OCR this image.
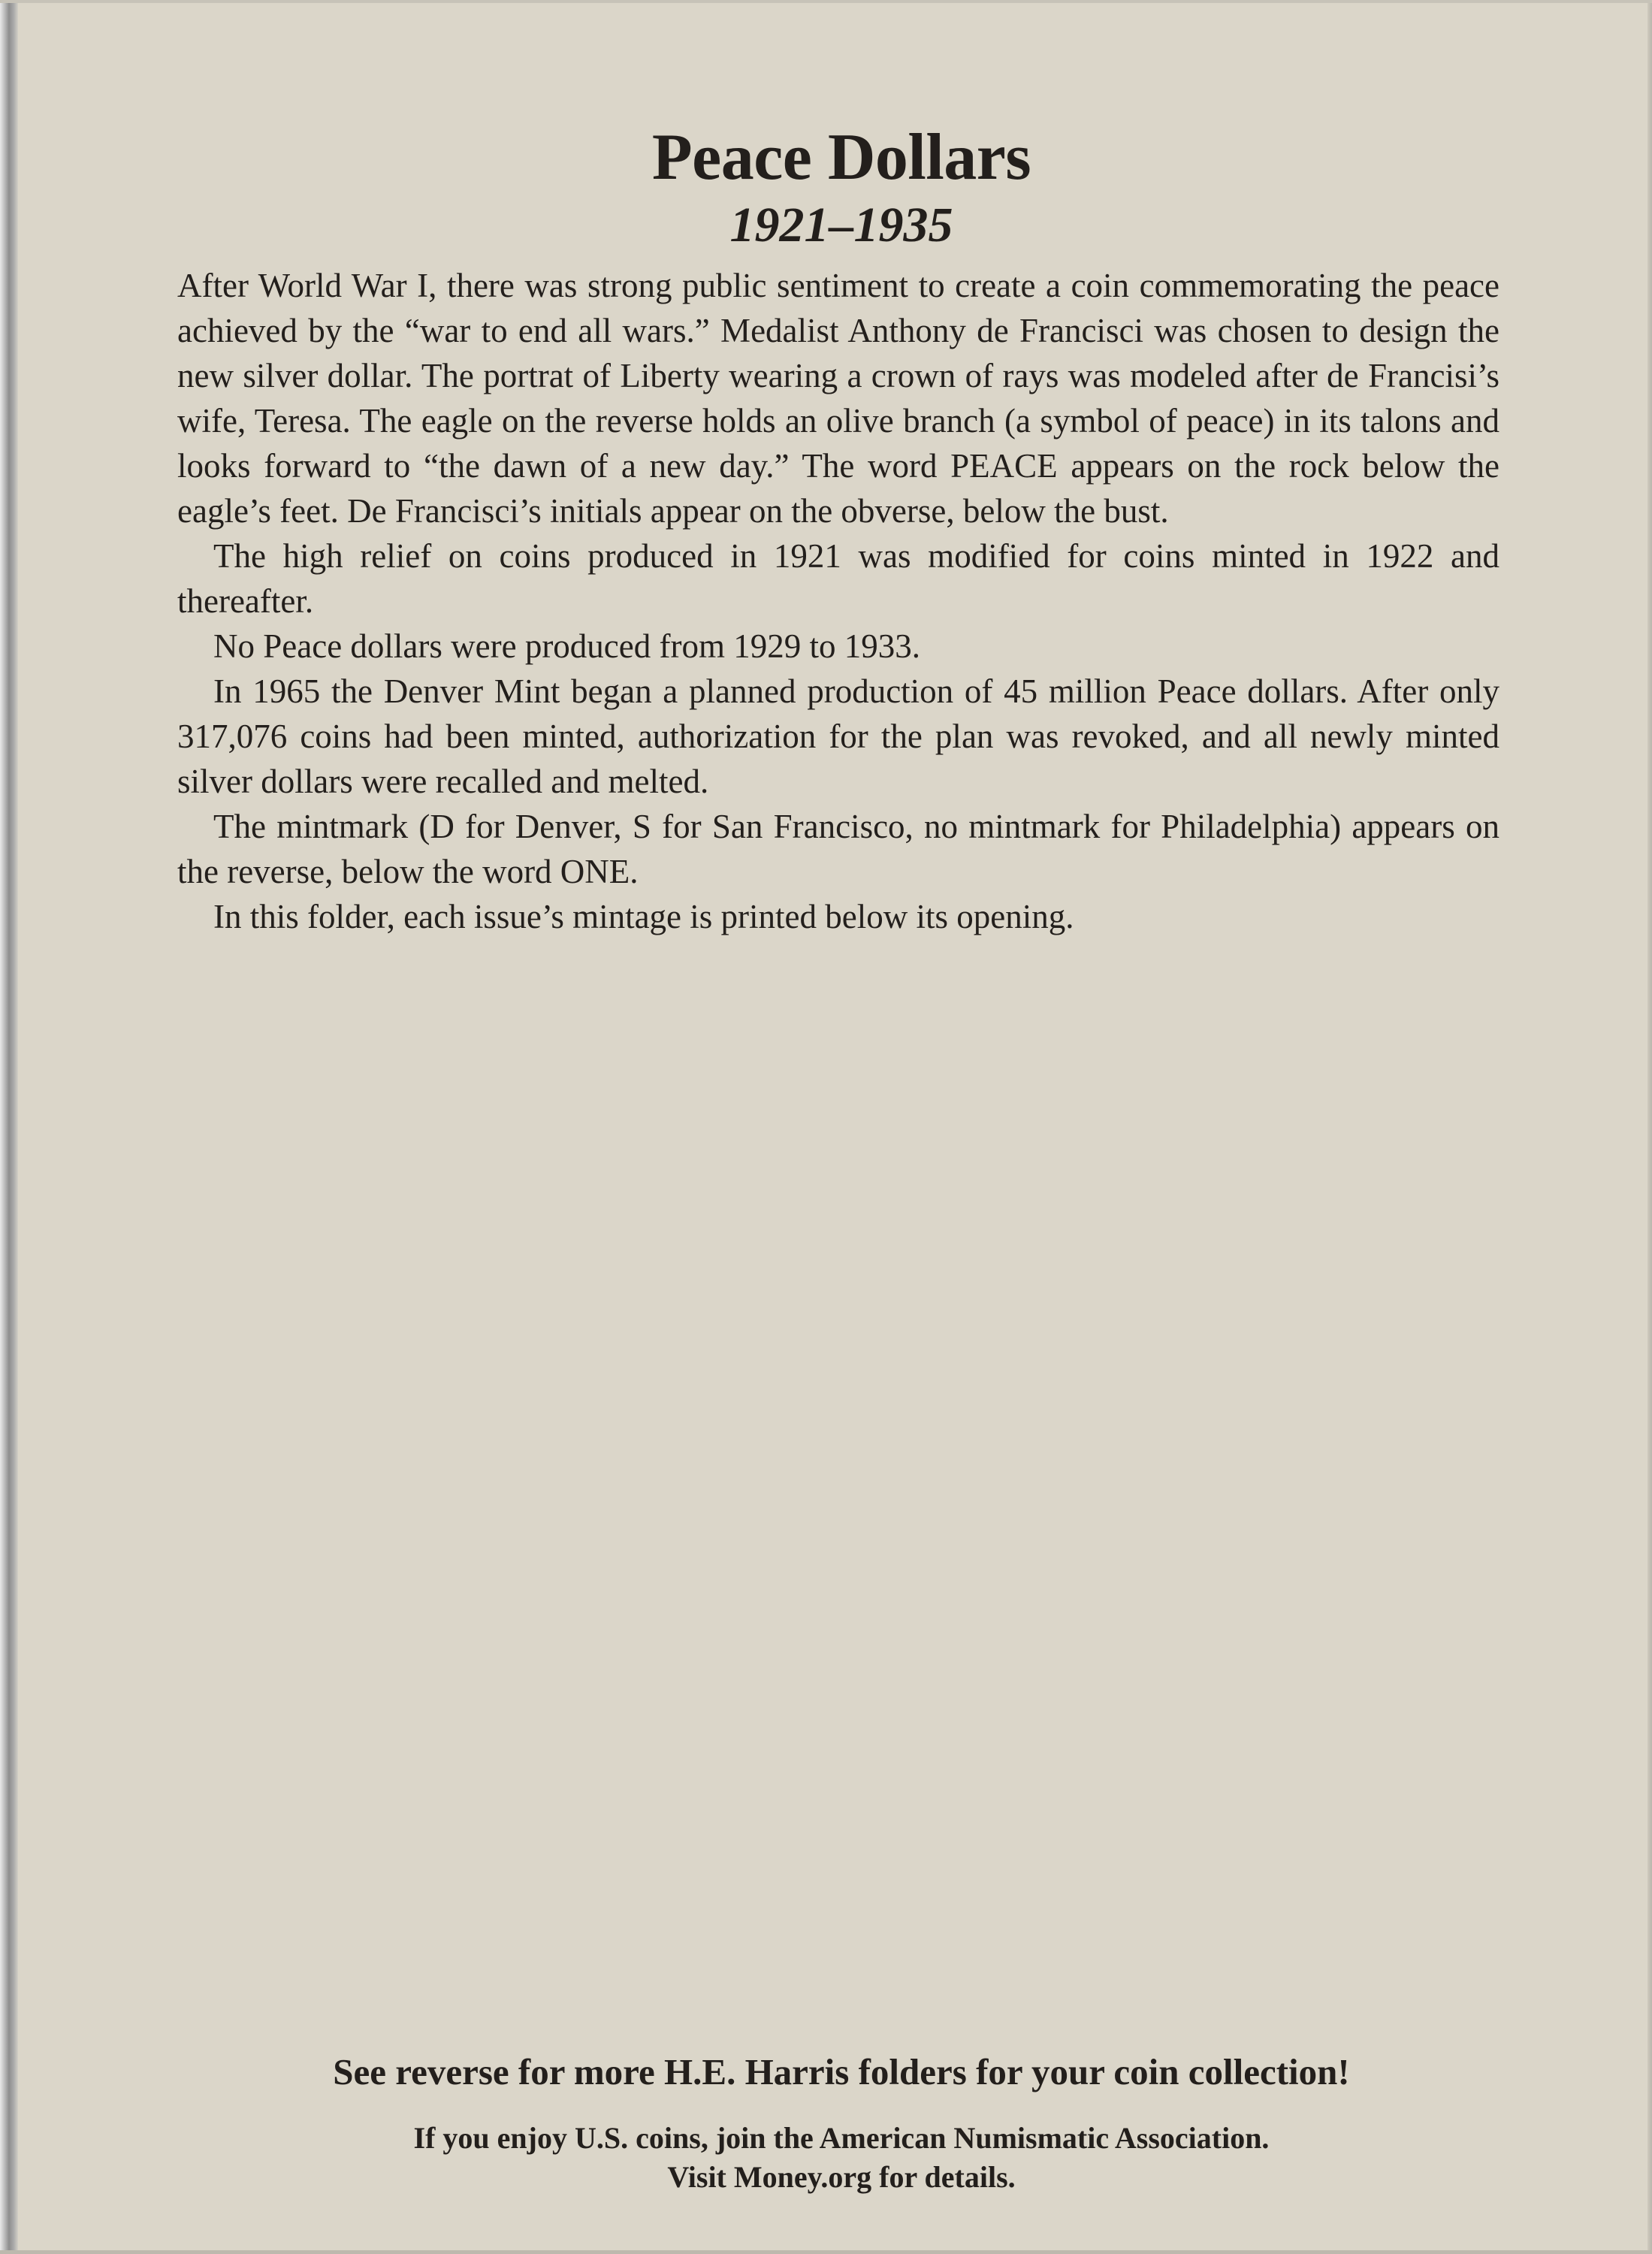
Peace Dollars
1921–1935

After World War I, there was strong public sentiment to create a coin commemorating the peace achieved by the “war to end all wars.” Medalist Anthony de Francisci was chosen to design the new silver dollar. The portrat of Liberty wearing a crown of rays was modeled after de Francisi’s wife, Teresa. The eagle on the reverse holds an olive branch (a symbol of peace) in its talons and looks forward to “the dawn of a new day.” The word PEACE appears on the rock below the eagle’s feet. De Francisci’s initials appear on the obverse, below the bust.

The high relief on coins produced in 1921 was modified for coins minted in 1922 and thereafter.

No Peace dollars were produced from 1929 to 1933.

In 1965 the Denver Mint began a planned production of 45 million Peace dollars. After only 317,076 coins had been minted, authorization for the plan was revoked, and all newly minted silver dollars were recalled and melted.

The mintmark (D for Denver, S for San Francisco, no mintmark for Philadelphia) appears on the reverse, below the word ONE.

In this folder, each issue’s mintage is printed below its opening.

See reverse for more H.E. Harris folders for your coin collection!
If you enjoy U.S. coins, join the American Numismatic Association.
Visit Money.org for details.
